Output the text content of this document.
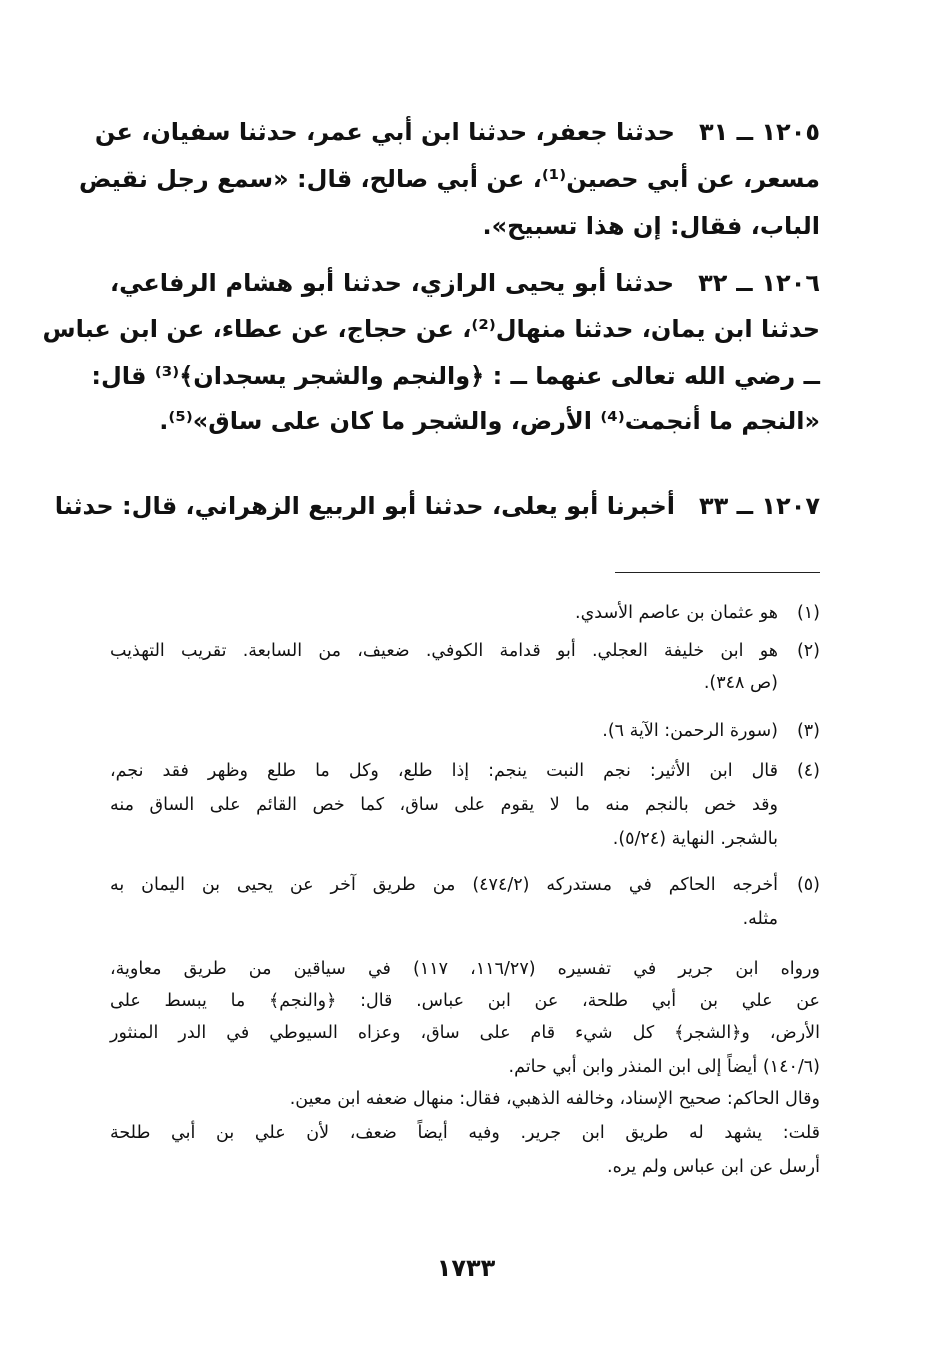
١٢٠٥ ــ ٣١حدثنا جعفر، حدثنا ابن أبي عمر، حدثنا سفيان، عن
مسعر، عن أبي حصين⁽¹⁾، عن أبي صالح، قال: «سمع رجل نقيض
الباب، فقال: إن هذا تسبيح».
١٢٠٦ ــ ٣٢حدثنا أبو يحيى الرازي، حدثنا أبو هشام الرفاعي،
حدثنا ابن يمان، حدثنا منهال⁽²⁾، عن حجاج، عن عطاء، عن ابن عباس
ــ رضي الله تعالى عنهما ــ : ﴿والنجم والشجر يسجدان﴾⁽³⁾ قال:
«النجم ما أنجمت⁽⁴⁾ الأرض، والشجر ما كان على ساق»⁽⁵⁾.
١٢٠٧ ــ ٣٣أخبرنا أبو يعلى، حدثنا أبو الربيع الزهراني، قال: حدثنا
(١)هو عثمان بن عاصم الأسدي.
(٢)هو ابن خليفة العجلي. أبو قدامة الكوفي. ضعيف، من السابعة. تقريب التهذيب
(ص ٣٤٨).
(٣)(سورة الرحمن: الآية ٦).
(٤)قال ابن الأثير: نجم النبت ينجم: إذا طلع، وكل ما طلع وظهر فقد نجم،
وقد خص بالنجم منه ما لا يقوم على ساق، كما خص القائم على الساق منه
بالشجر. النهاية (٥/٢٤).
(٥)أخرجه الحاكم في مستدركه (٤٧٤/٢) من طريق آخر عن يحيى بن اليمان به
مثله.
ورواه ابن جرير في تفسيره (١١٦/٢٧، ١١٧) في سياقين من طريق معاوية،
عن علي بن أبي طلحة، عن ابن عباس. قال: ﴿والنجم﴾ ما يبسط على
الأرض، و﴿الشجر﴾ كل شيء قام على ساق، وعزاه السيوطي في الدر المنثور
(١٤٠/٦) أيضاً إلى ابن المنذر وابن أبي حاتم.
وقال الحاكم: صحيح الإسناد، وخالفه الذهبي، فقال: منهال ضعفه ابن معين.
قلت: يشهد له طريق ابن جرير. وفيه أيضاً ضعف، لأن علي بن أبي طلحة
أرسل عن ابن عباس ولم يره.
١٧٣٣
